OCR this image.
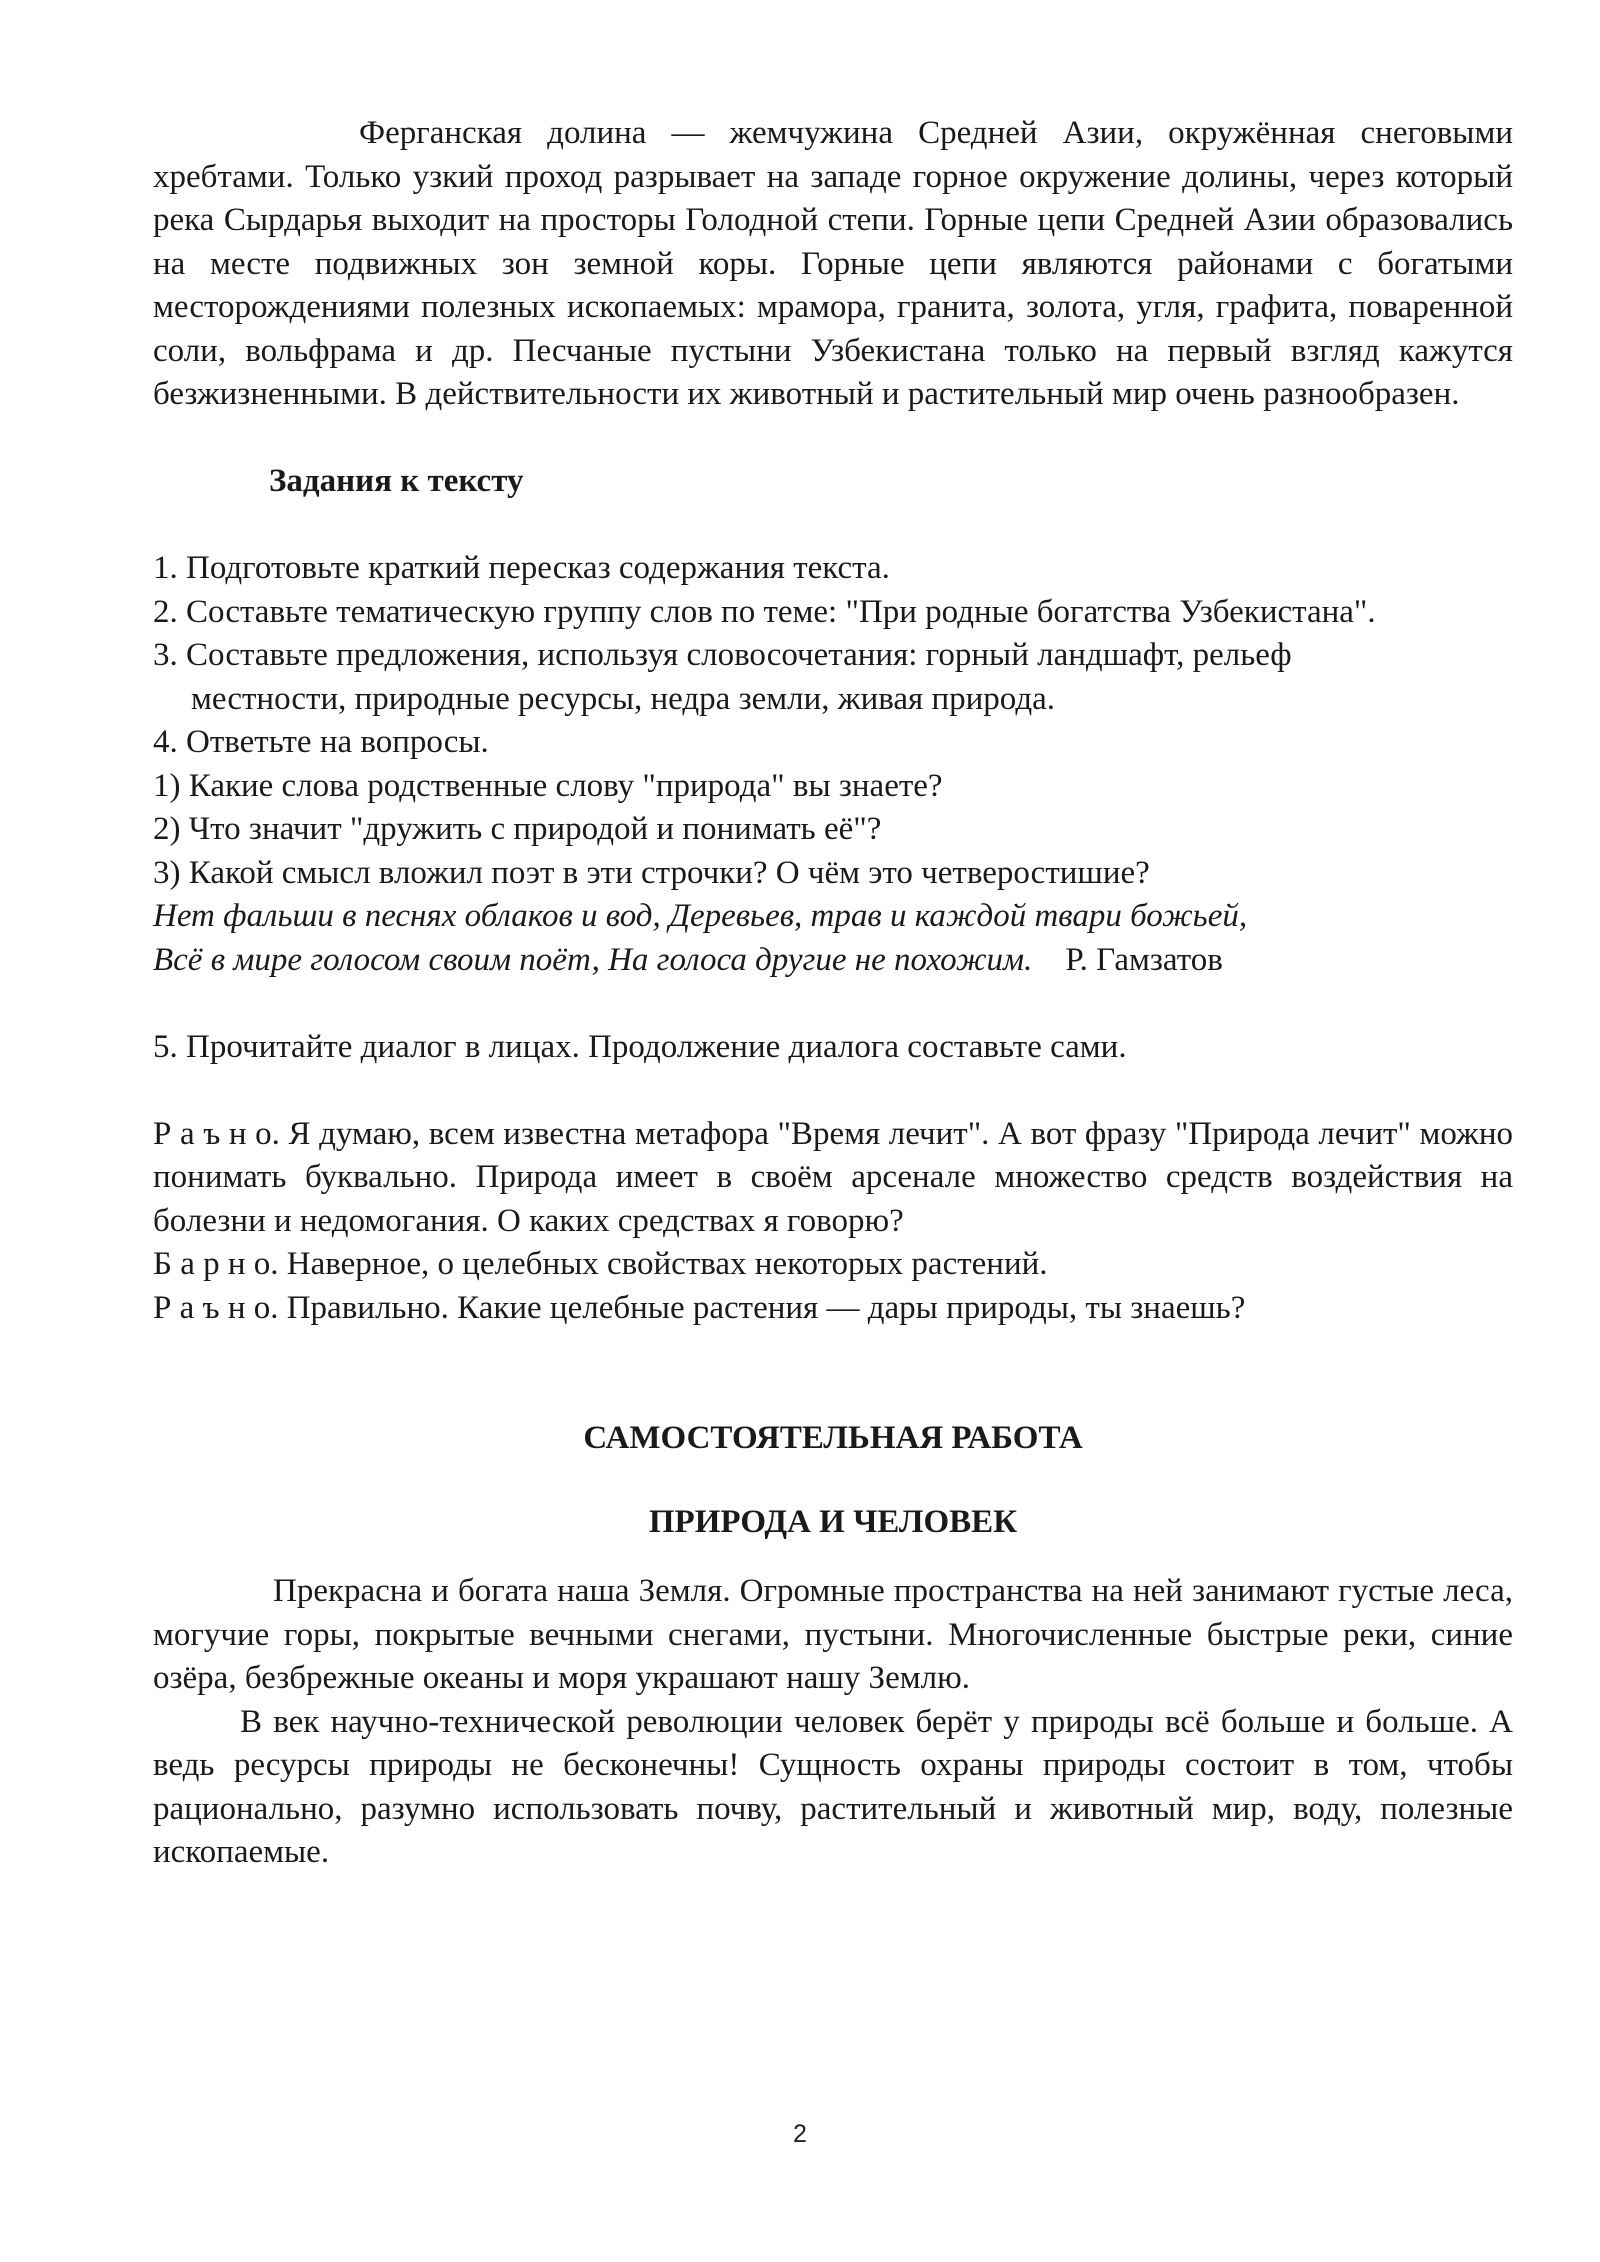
Ферганская долина — жемчужина Средней Азии, окружённая снеговыми хребтами. Только узкий проход разрывает на западе горное окружение долины, через который река Сырдарья выходит на просторы Голодной степи. Горные цепи Средней Азии образовались на месте подвижных зон земной коры. Горные цепи являются районами с богатыми месторождениями полезных ископаемых: мрамора, гранита, золота, угля, графита, поваренной соли, вольфрама и др. Песчаные пустыни Узбекистана только на первый взгляд кажутся безжизненными. В действительности их животный и растительный мир очень разнообразен.

Задания к тексту

1. Подготовьте краткий пересказ содержания текста.

2. Составьте тематическую группу слов по теме: "При родные богатства Узбекистана".

3. Составьте предложения, используя словосочетания: горный ландшафт, рельеф местности, природные ресурсы, недра земли, живая природа.

4. Ответьте на вопросы.

1) Какие слова родственные слову "природа" вы знаете?

2) Что значит "дружить с природой и понимать её"?

3) Какой смысл вложил поэт в эти строчки? О чём это четверостишие?

Нет фальши в песнях облаков и вод, Деревьев, трав и каждой твари божьей,

Всё в мире голосом своим поёт, На голоса другие не похожим. Р. Гамзатов

5. Прочитайте диалог в лицах. Продолжение диалога составьте сами.

Р а ъ н о. Я думаю, всем известна метафора "Время лечит". А вот фразу "Природа лечит" можно понимать буквально. Природа имеет в своём арсенале множество средств воздействия на болезни и недомогания. О каких средствах я говорю?

Б а р н о. Наверное, о целебных свойствах некоторых растений.

Р а ъ н о. Правильно. Какие целебные растения — дары природы, ты знаешь?

САМОСТОЯТЕЛЬНАЯ РАБОТА

ПРИРОДА И ЧЕЛОВЕК

Прекрасна и богата наша Земля. Огромные пространства на ней занимают густые леса, могучие горы, покрытые вечными снегами, пустыни. Многочисленные быстрые реки, синие озёра, безбрежные океаны и моря украшают нашу Землю.

В век научно-технической революции человек берёт у природы всё больше и больше. А ведь ресурсы природы не бесконечны! Сущность охраны природы состоит в том, чтобы рационально, разумно использовать почву, растительный и животный мир, воду, полезные ископаемые.

2
